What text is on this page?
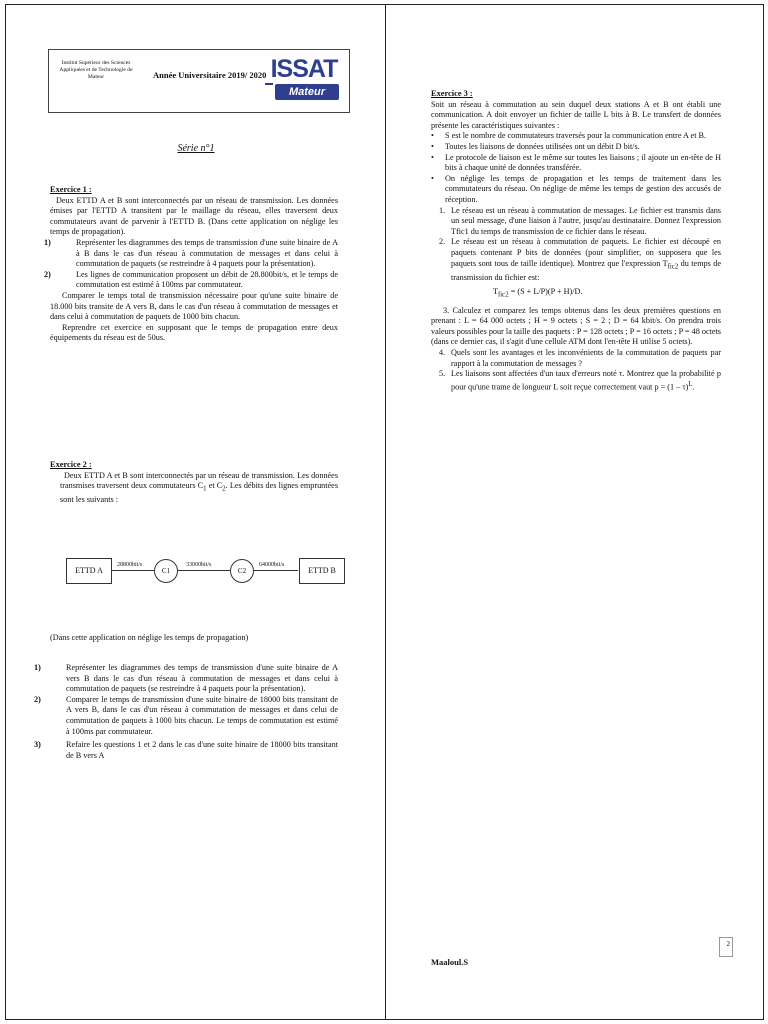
Institut Supérieur des Sciences Appliquées et de Technologie de Mateur	Année Universitaire 2019/ 2020 ISSAT
Mateur
Série n°1
Exercice 1 :
Deux ETTD A et B sont interconnectés par un réseau de transmission. Les données émises par l'ETTD A transitent par le maillage du réseau, elles traversent deux commutateurs avant de parvenir à l'ETTD B. (Dans cette application on néglige les temps de propagation).
1)	Représenter les diagrammes des temps de transmission d'une suite binaire de A à B dans le cas d'un réseau à commutation de messages et dans celui à commutation de paquets (se restreindre à 4 paquets pour la présentation).
2)	Les lignes de communication proposent un débit de 28.800bit/s, et le temps de commutation est estimé à 100ms par commutateur.
Comparer le temps total de transmission nécessaire pour qu'une suite binaire de 18.000 bits transite de A vers B, dans le cas d'un réseau à commutation de messages et dans celui à commutation de paquets de 1000 bits chacun.
Reprendre cet exercice en supposant que le temps de propagation entre deux équipements du réseau est de 50us.
Exercice 2 :
Deux ETTD A et B sont interconnectés par un réseau de transmission. Les données transmises traversent deux commutateurs $C_1$ et $C_2$. Les débits des lignes empruntées sont les suivants :
ETTD A
28800bit/s
C1
33000bit/s
C2
64000bit/s
ETTD B
(Dans cette application on néglige les temps de propagation)
1)	Représenter les diagrammes des temps de transmission d'une suite binaire de A vers B dans le cas d'un réseau à commutation de messages et dans celui à commutation de paquets (se restreindre à 4 paquets pour la présentation).
2)	Comparer le temps de transmission d'une suite binaire de 18000 bits transitant de A vers B, dans le cas d'un réseau à commutation de messages et dans celui de commutation de paquets à 1000 bits chacun. Le temps de commutation est estimé à 100ms par commutateur.
3)	Refaire les questions 1 et 2 dans le cas d'une suite binaire de 18000 bits transitant de B vers A
Exercice 3 :
Soit un réseau à commutation au sein duquel deux stations A et B ont établi une communication. A doit envoyer un fichier de taille L bits à B. Le transfert de données présente les caractéristiques suivantes :
• S est le nombre de commutateurs traversés pour la communication entre A et B.
• Toutes les liaisons de données utilisées ont un débit D bit/s.
• Le protocole de liaison est le même sur toutes les liaisons ; il ajoute un en-tête de H bits à chaque unité de données transférée.
• On néglige les temps de propagation et les temps de traitement dans les commutateurs du réseau. On néglige de même les temps de gestion des accusés de réception.
1. Le réseau est un réseau à commutation de messages. Le fichier est transmis dans un seul message, d'une liaison à l'autre, jusqu'au destinataire. Donnez l'expression Tfic1 du temps de transmission de ce fichier dans le réseau.
2. Le réseau est un réseau à commutation de paquets. Le fichier est découpé en paquets contenant P bits de données (pour simplifier, on supposera que les paquets sont tous de taille identique). Montrez que l'expression $T_{fic2}$ du temps de transmission du fichier est:
$T_{fic2} = (S + L/P)(P + H)/D$.
3. Calculez et comparez les temps obtenus dans les deux premières questions en prenant : L = 64 000 octets ; H = 9 octets ; S = 2 ; D = 64 kbit/s. On prendra trois valeurs possibles pour la taille des paquets : P = 128 octets ; P = 16 octets ; P = 48 octets (dans ce dernier cas, il s'agit d'une cellule ATM dont l'en-tête H utilise 5 octets).
4. Quels sont les avantages et les inconvénients de la commutation de paquets par rapport à la commutation de messages ?
5. Les liaisons sont affectées d'un taux d'erreurs noté τ. Montrez que la probabilité p pour qu'une trame de longueur L soit reçue correctement vaut p = (1 – τ)$^L$.
2
Maaloul.S
